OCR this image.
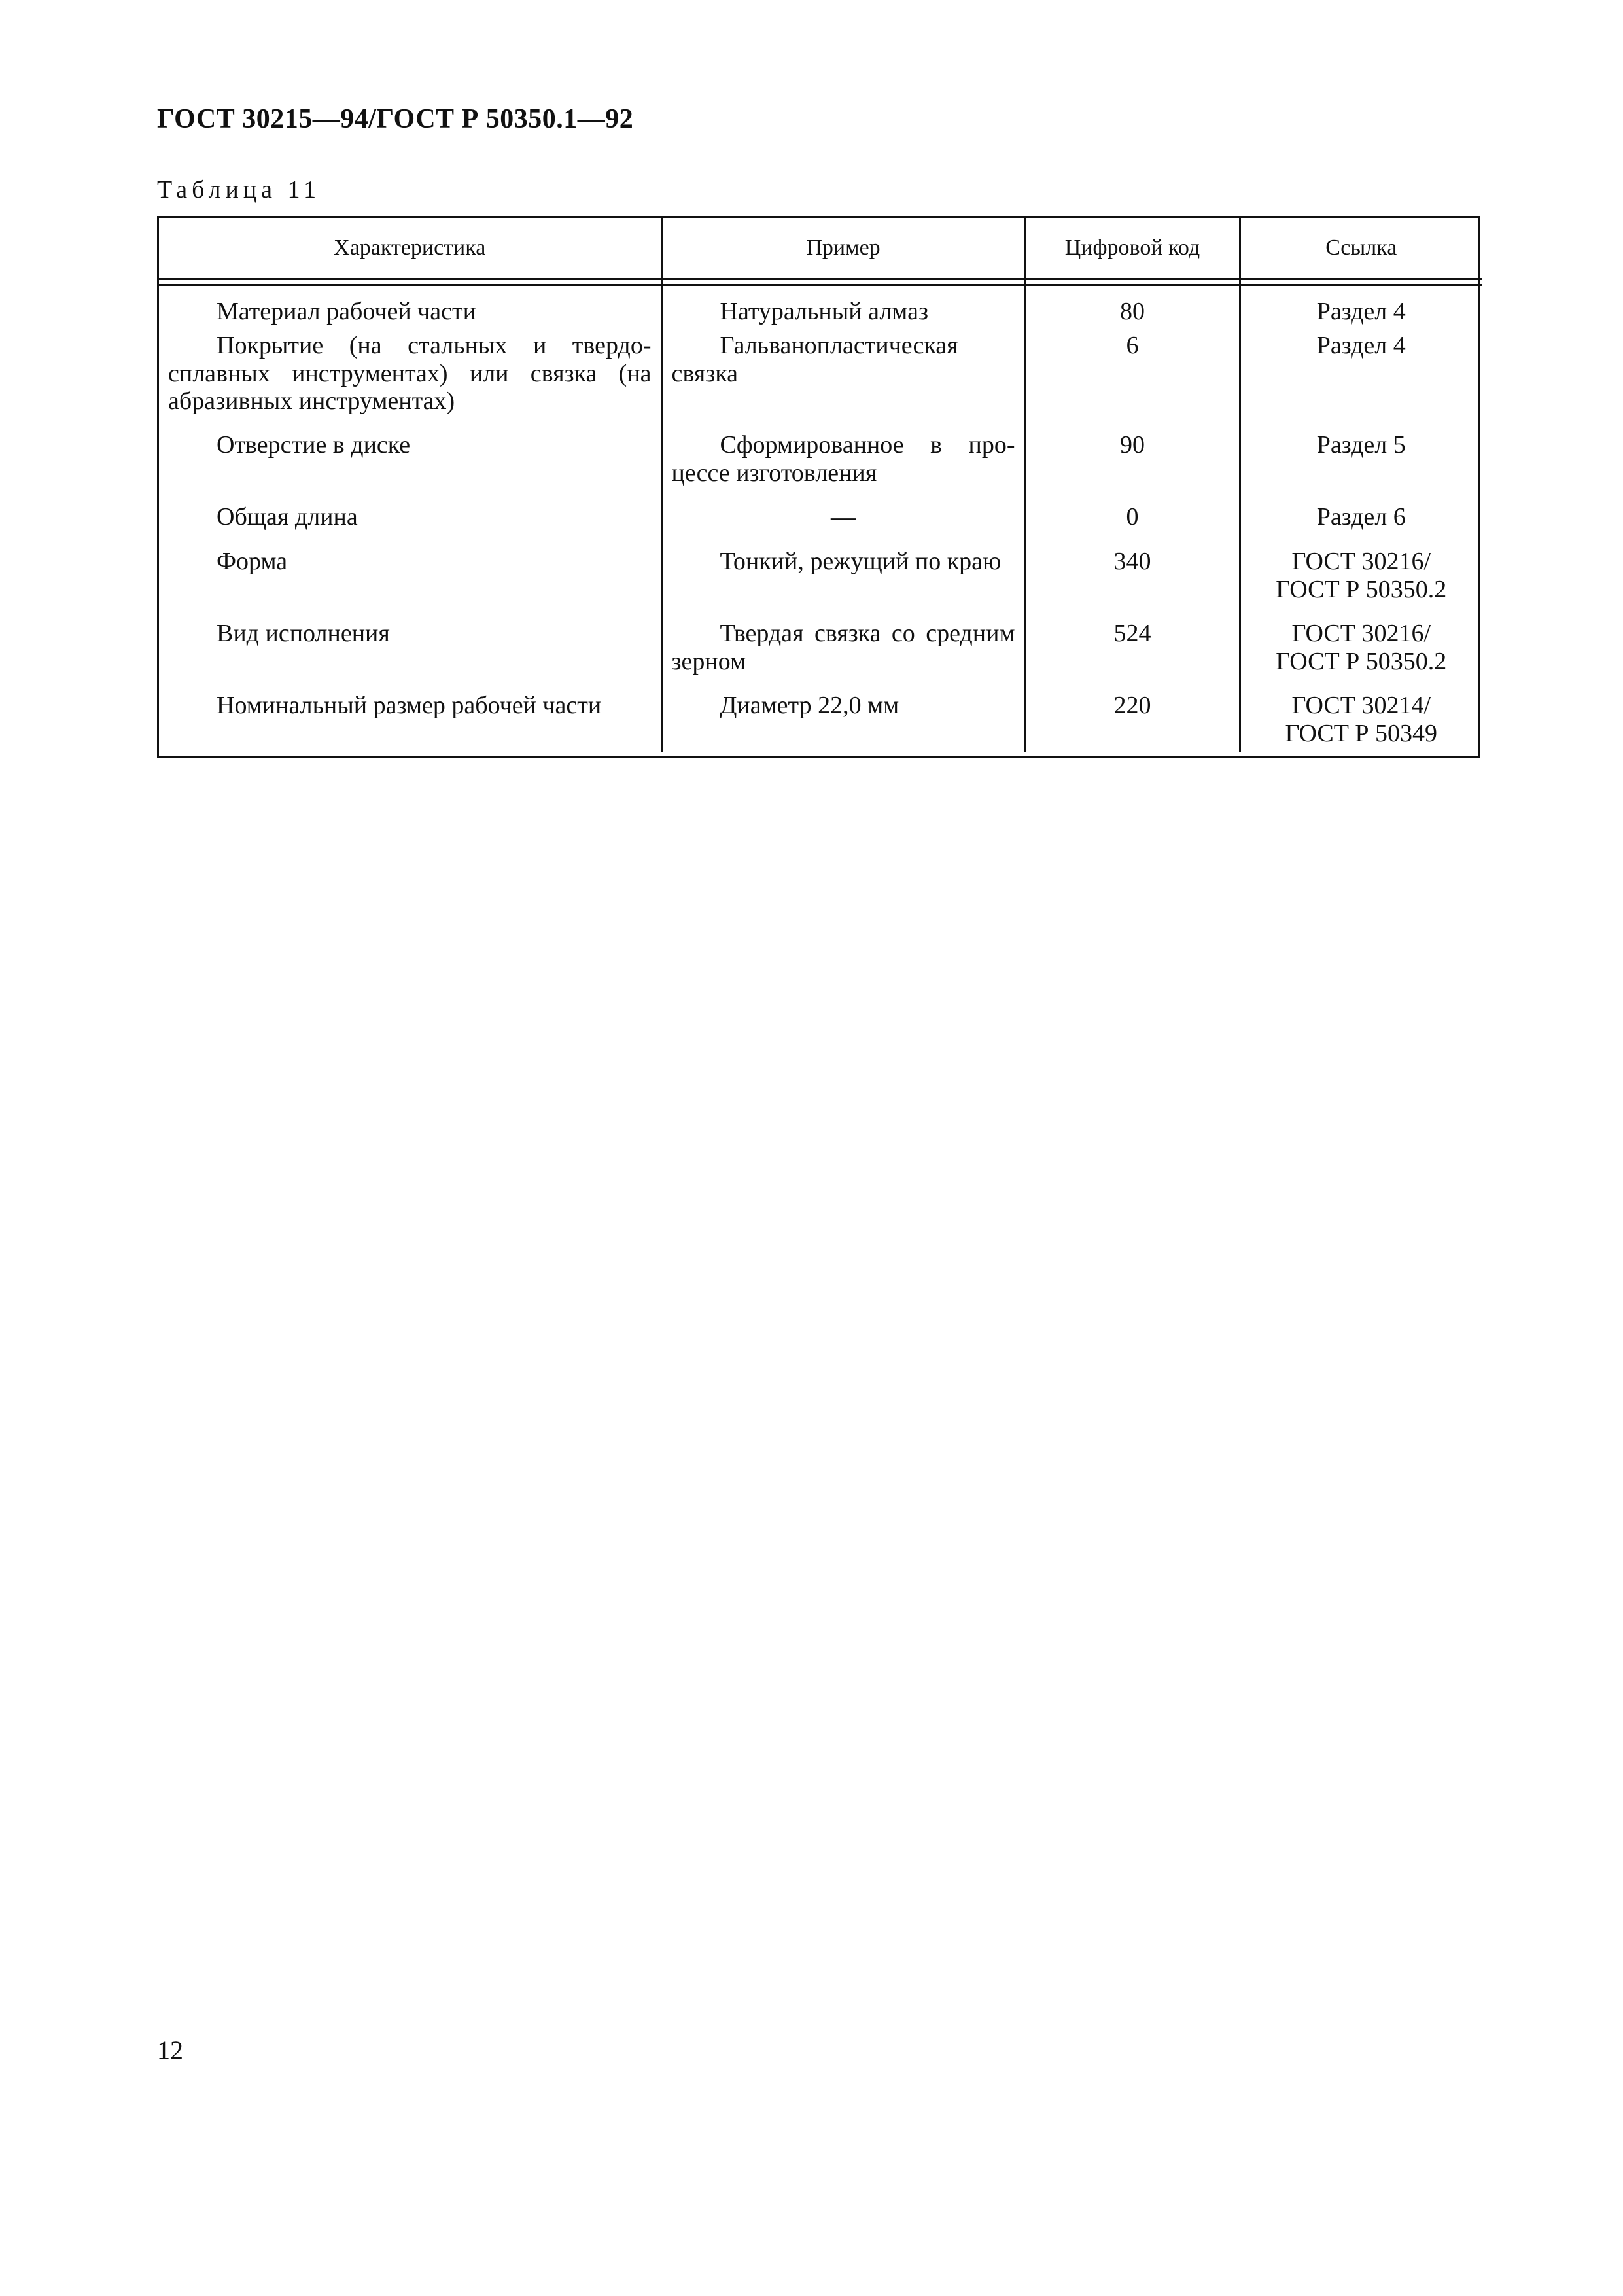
ГОСТ 30215—94/ГОСТ Р 50350.1—92
Таблица 11
Характеристика	Пример	Цифровой код	Ссылка

Материал рабочей части	Натуральный алмаз	80	Раздел 4

Покрытие (на стальных и твердосплавных инструментах) или связка (на абразивных инструментах)	Гальванопластическая связка	6	Раздел 4

Отверстие в диске	Сформированное в процессе изготовления	90	Раздел 5

Общая длина	—	0	Раздел 6

Форма	Тонкий, режущий по краю	340	ГОСТ 30216/
ГОСТ Р 50350.2

Вид исполнения	Твердая связка со средним зерном	524	ГОСТ 30216/
ГОСТ Р 50350.2

Номинальный размер рабочей части	Диаметр 22,0 мм	220	ГОСТ 30214/
ГОСТ Р 50349
12
